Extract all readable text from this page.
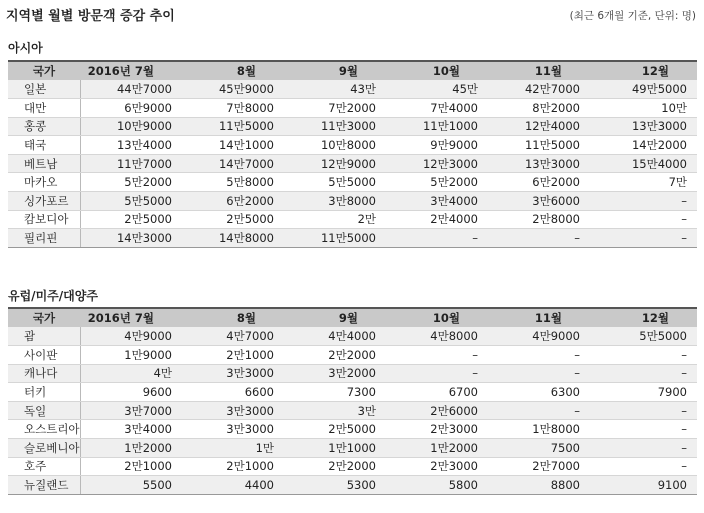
지역별 월별 방문객 증감 추이	(최근 6개월 기준, 단위: 명)
아시아
국가	2016년 7월	8월	9월	10월	11월	12월
일본	44만7000	45만9000	43만	45만	42만7000	49만5000
대만	6만9000	7만8000	7만2000	7만4000	8만2000	10만
홍콩	10만9000	11만5000	11만3000	11만1000	12만4000	13만3000
태국	13만4000	14만1000	10만8000	9만9000	11만5000	14만2000
베트남	11만7000	14만7000	12만9000	12만3000	13만3000	15만4000
마카오	5만2000	5만8000	5만5000	5만2000	6만2000	7만
싱가포르	5만5000	6만2000	3만8000	3만4000	3만6000	–
캄보디아	2만5000	2만5000	2만	2만4000	2만8000	–
필리핀	14만3000	14만8000	11만5000	–	–	–
유럽/미주/대양주
국가	2016년 7월	8월	9월	10월	11월	12월
괌	4만9000	4만7000	4만4000	4만8000	4만9000	5만5000
사이판	1만9000	2만1000	2만2000	–	–	–
캐나다	4만	3만3000	3만2000	–	–	–
터키	9600	6600	7300	6700	6300	7900
독일	3만7000	3만3000	3만	2만6000	–	–
오스트리아	3만4000	3만3000	2만5000	2만3000	1만8000	–
슬로베니아	1만2000	1만	1만1000	1만2000	7500	–
호주	2만1000	2만1000	2만2000	2만3000	2만7000	–
뉴질랜드	5500	4400	5300	5800	8800	9100
